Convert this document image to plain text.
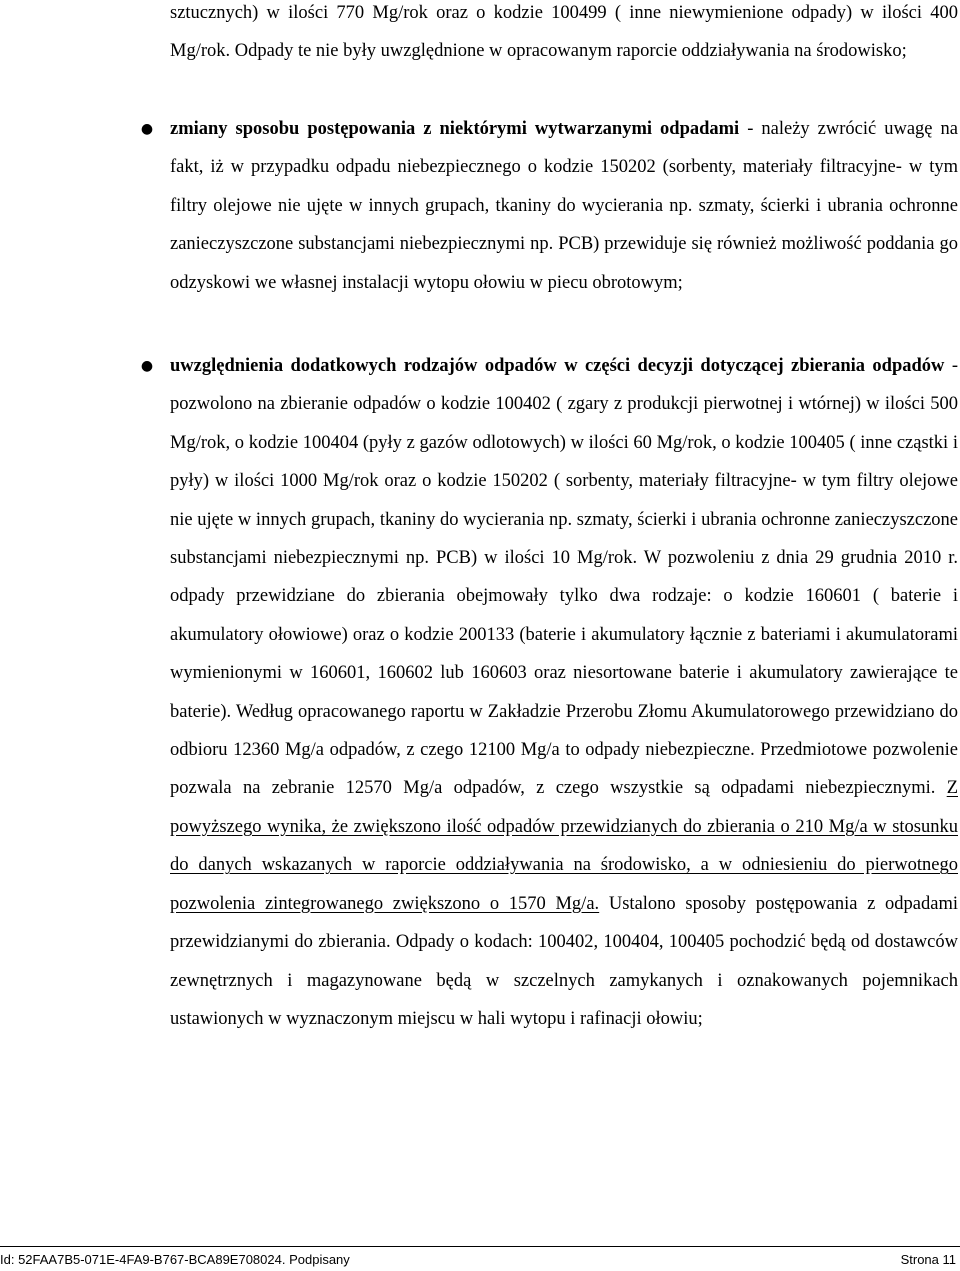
sztucznych) w ilości 770 Mg/rok oraz o kodzie 100499 ( inne niewymienione odpady) w ilości 400 Mg/rok. Odpady te nie były uwzględnione w opracowanym raporcie oddziaływania na środowisko;

● zmiany sposobu postępowania z niektórymi wytwarzanymi odpadami - należy zwrócić uwagę na fakt, iż w przypadku odpadu niebezpiecznego o kodzie 150202 (sorbenty, materiały filtracyjne- w tym filtry olejowe nie ujęte w innych grupach, tkaniny do wycierania np. szmaty, ścierki i ubrania ochronne zanieczyszczone substancjami niebezpiecznymi np. PCB) przewiduje się również możliwość poddania go odzyskowi we własnej instalacji wytopu ołowiu w piecu obrotowym;
● uwzględnienia dodatkowych rodzajów odpadów w części decyzji dotyczącej zbierania odpadów - pozwolono na zbieranie odpadów o kodzie 100402 ( zgary z produkcji pierwotnej i wtórnej) w ilości 500 Mg/rok, o kodzie 100404 (pyły z gazów odlotowych) w ilości 60 Mg/rok, o kodzie 100405 ( inne cząstki i pyły) w ilości 1000 Mg/rok oraz o kodzie 150202 ( sorbenty, materiały filtracyjne- w tym filtry olejowe nie ujęte w innych grupach, tkaniny do wycierania np. szmaty, ścierki i ubrania ochronne zanieczyszczone substancjami niebezpiecznymi np. PCB) w ilości 10 Mg/rok. W pozwoleniu z dnia 29 grudnia 2010 r. odpady przewidziane do zbierania obejmowały tylko dwa rodzaje: o kodzie 160601 ( baterie i akumulatory ołowiowe) oraz o kodzie 200133 (baterie i akumulatory łącznie z bateriami i akumulatorami wymienionymi w 160601, 160602 lub 160603 oraz niesortowane baterie i akumulatory zawierające te baterie). Według opracowanego raportu w Zakładzie Przerobu Złomu Akumulatorowego przewidziano do odbioru 12360 Mg/a odpadów, z czego 12100 Mg/a to odpady niebezpieczne. Przedmiotowe pozwolenie pozwala na zebranie 12570 Mg/a odpadów, z czego wszystkie są odpadami niebezpiecznymi. Z powyższego wynika, że zwiększono ilość odpadów przewidzianych do zbierania o 210 Mg/a w stosunku do danych wskazanych w raporcie oddziaływania na środowisko, a w odniesieniu do pierwotnego pozwolenia zintegrowanego zwiększono o 1570 Mg/a. Ustalono sposoby postępowania z odpadami przewidzianymi do zbierania. Odpady o kodach: 100402, 100404, 100405 pochodzić będą od dostawców zewnętrznych i magazynowane będą w szczelnych zamykanych i oznakowanych pojemnikach ustawionych w wyznaczonym miejscu w hali wytopu i rafinacji ołowiu;
Id: 52FAA7B5-071E-4FA9-B767-BCA89E708024. Podpisany	Strona 11
